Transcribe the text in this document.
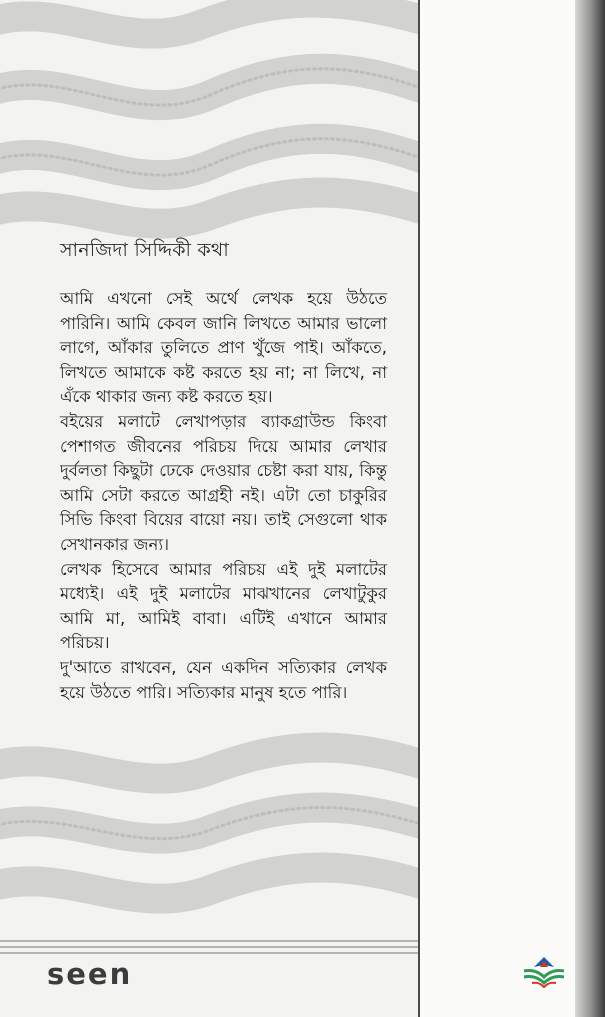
সানজিদা সিদ্দিকী কথা

আমি এখনো সেই অর্থে লেখক হয়ে উঠতে পারিনি। আমি কেবল জানি লিখতে আমার ভালো লাগে, আঁকার তুলিতে প্রাণ খুঁজে পাই। আঁকতে, লিখতে আমাকে কষ্ট করতে হয় না; না লিখে, না এঁকে থাকার জন্য কষ্ট করতে হয়।

বইয়ের মলাটে লেখাপড়ার ব্যাকগ্রাউন্ড কিংবা পেশাগত জীবনের পরিচয় দিয়ে আমার লেখার দুর্বলতা কিছুটা ঢেকে দেওয়ার চেষ্টা করা যায়, কিন্তু আমি সেটা করতে আগ্রহী নই। এটা তো চাকুরির সিভি কিংবা বিয়ের বায়ো নয়। তাই সেগুলো থাক সেখানকার জন্য।

লেখক হিসেবে আমার পরিচয় এই দুই মলাটের মধ্যেই। এই দুই মলাটের মাঝখানের লেখাটুকুর আমি মা, আমিই বাবা। এটিই এখানে আমার পরিচয়।

দু'আতে রাখবেন, যেন একদিন সত্যিকার লেখক হয়ে উঠতে পারি। সত্যিকার মানুষ হতে পারি।

seen
